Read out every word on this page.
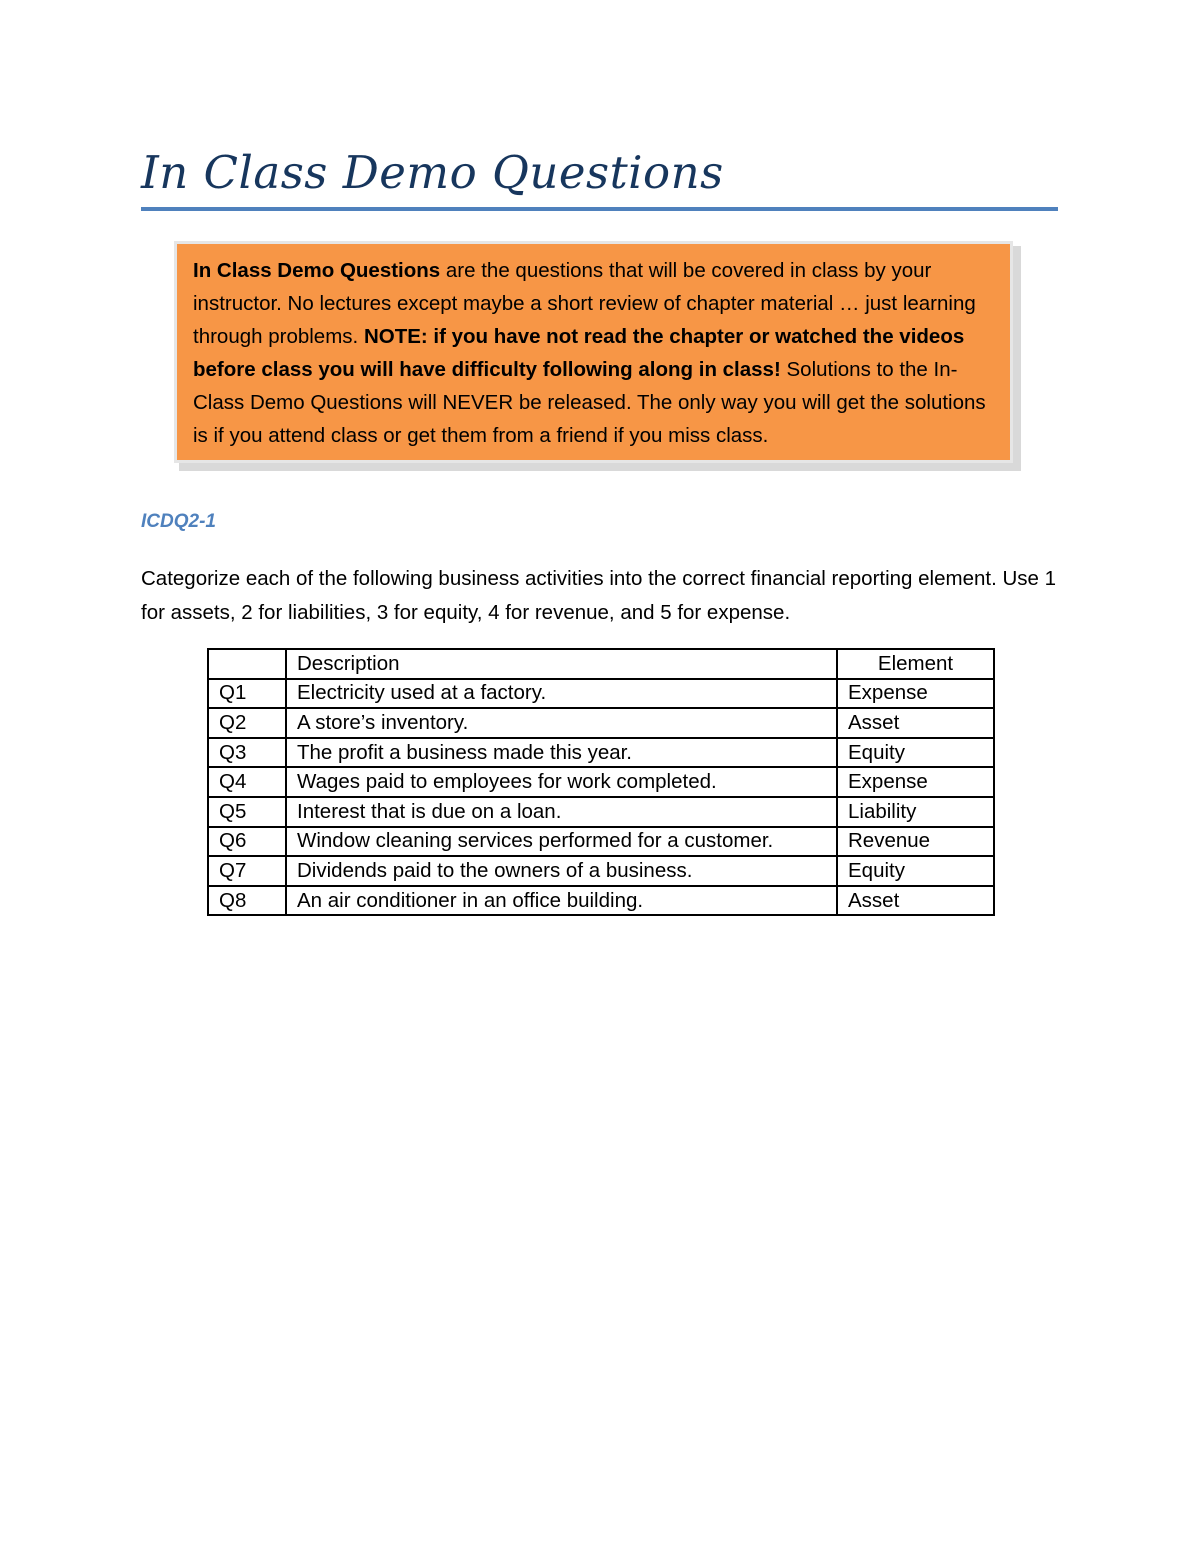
In Class Demo Questions

In Class Demo Questions are the questions that will be covered in class by your instructor. No lectures except maybe a short review of chapter material … just learning through problems. NOTE: if you have not read the chapter or watched the videos before class you will have difficulty following along in class! Solutions to the In-Class Demo Questions will NEVER be released. The only way you will get the solutions is if you attend class or get them from a friend if you miss class.

ICDQ2-1

Categorize each of the following business activities into the correct financial reporting element. Use 1 for assets, 2 for liabilities, 3 for equity, 4 for revenue, and 5 for expense.

	Description	Element
Q1	Electricity used at a factory.	Expense
Q2	A store’s inventory.	Asset
Q3	The profit a business made this year.	Equity
Q4	Wages paid to employees for work completed.	Expense
Q5	Interest that is due on a loan.	Liability
Q6	Window cleaning services performed for a customer.	Revenue
Q7	Dividends paid to the owners of a business.	Equity
Q8	An air conditioner in an office building.	Asset
